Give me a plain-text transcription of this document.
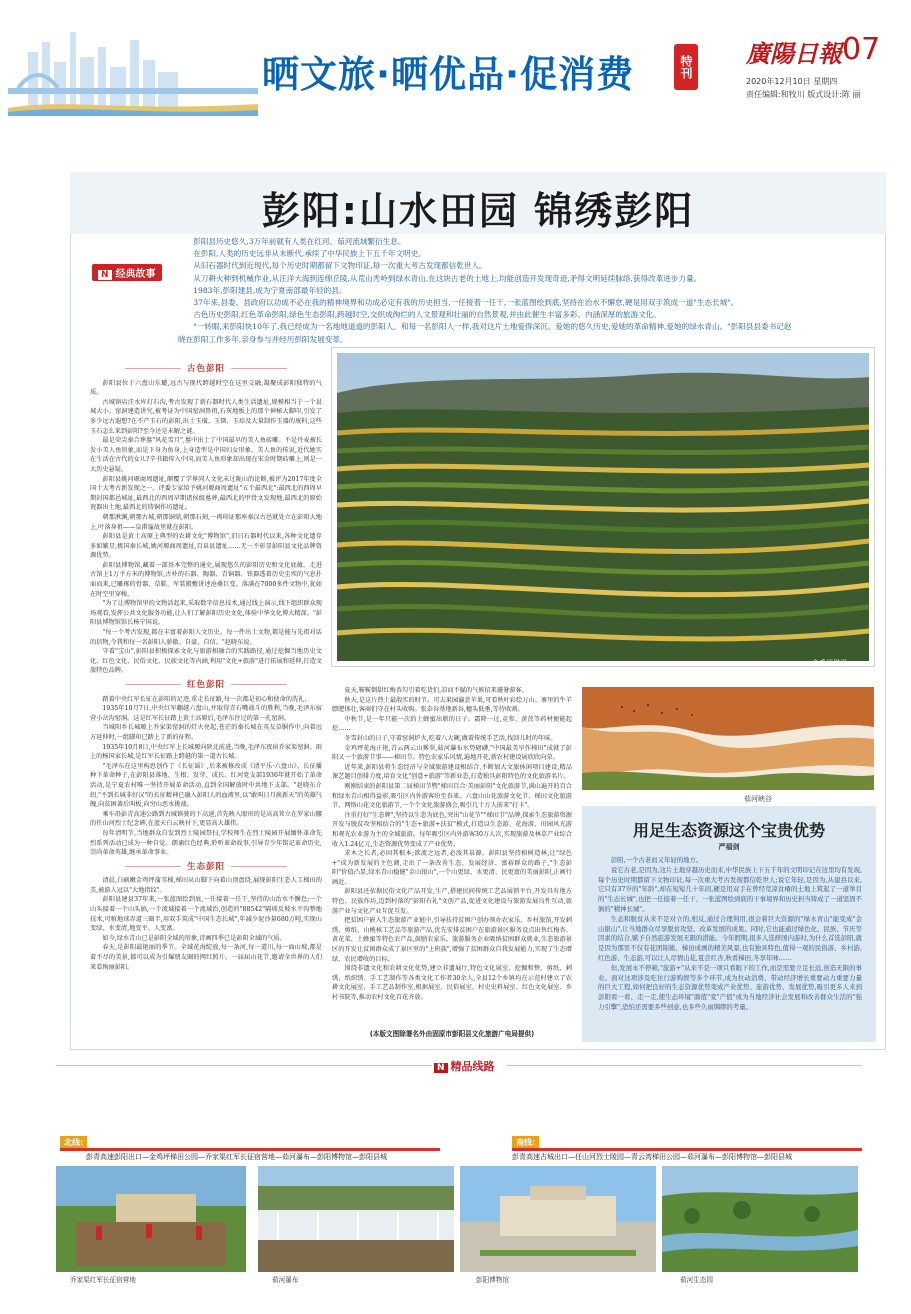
晒文旅·晒优品·促消费	特刊 廣陽日報 07
2020年12月10日 星期四
责任编辑:和牧川 版式设计:陈 丽
彭阳:山水田园 锦绣彭阳
N 经典故事

彭阳县历史悠久,3万年前就有人类在红河、茹河流域繁衍生息。

在彭阳,人类的历史远非从未断代,承续了中华民族上下五千年文明史。

从旧石器时代到近现代,每个历史时期都留下文物印证,每一次重大考古发现都信乾世人。

从刀耕火种到机械作业,从汪洋大海到连绵丘陵,从荒山秃岭到绿水青山,在这块古老的土地上,均能创造开发现奇迹,矛得文明延续脉络,获得改革进步力量。

1983年,彭阳建县,成为宁夏南部最年轻的县。

37年来,县委、县政府以功成不必在我的精神境界和功成必定有我的历史担当,一任接着一任干,一张蓝图绘到底,坚持在治水不懈怠,硬是用双手筑成一道"生态长城"。

古色历史彭阳,红色革命彭阳,绿色生态彭阳,跨越时空,交织成绚烂的人文景观和壮丽的自然景观,并由此催生丰富多彩、内涵深厚的旅游文化。

"一转眼,来彭阳快10年了,我已经成为一名地地道道的彭阳人。和每一名彭阳人一样,我对这片土地爱得深沉。爱她的悠久历史,爱她的革命精神,爱她的绿水青山。"彭阳县县委书记赵晓在彭阳工作多年,亲身参与并经历彭阳发展变革。

古色彭阳

彭阳县位于六盘山东麓,远古与现代跨越时空在这里交融,凝聚成彭阳独特的气质。

古城镇店洼水库打石沟,考古发现了新石器时代人类生活遗址,规模相当于一个县城大小。窑洞建造讲究,被考证为中国窑洞鼻祖,石灰地板上的那个神秘大脚印,引发了多少远古遐想?在不产玉石的彭阳,出土玉璜、玉锛、玉琮及大量制作玉器的废料,这些玉石怎么来到彭阳?至今还是未解之谜。

最是荣尖秦合葬墓"风花雪月",墓中出土了中国最早的美人鱼砖雕。不是丹麦被长发小美人鱼形象,而是下身为鱼身,上身造型是中国妇女形象。美人鱼的传说,近代她实在生活在古代的女儿?辛书籍传入中国,而美人鱼形象却出现在宋金时期砖雕上,则是一大历史悬疑。

彭阳县姚河塬商周遗址,颠覆了学界同人文化未过陇山的论断,被评为2017年度全国十大考古新发现之一。评委专家给予姚河塬商周遗址"五个最西北":最西北的西周早期封国都邑城址,最西北的西周早期诸侯级墓葬,最西北的甲骨文发现地,最西北的原始瓷器出土地,最西北的铸铜作坊遗址。

朝那湫渊,朝那古城,朝那铜鼎,朝那石刻,一再印证那座秦汉古邑就处立在彭阳大地上,叶落身祖——皇甫谧故里就在彭阳。

彭阳县是黄土高原上典型的农耕文化"博物馆",旧日石器时代以来,各种文化遗存多如繁星,极国秦长城,姚河塬商周遗址,百泉县遗址……无一不彰显彭阳县文化品牌资源优势。

彭阳县博物馆,藏着一部基本完整的通史,展现悠久的彭阳历史和文化底蕴。走进古馆上1万平方米的博物馆,古朴的石器、陶器、青铜器、铁器透着历史尘埃的气息扑面而来,已雕琢的骨器、草鞋、军装殿敷讲述沧桑巨变。落满在7000多件文物中,犹如在时空里穿梭。

"为了让博物馆里的文物活起来,采取数字信息技术,通过线上演示,线下组织群众现场观看,发挥公共文化服务功能,让人们了解彭阳历史文化,体验中华文化博大精深。"彭阳县博物馆馆长杨宁国说。

"每一个考古发现,都在丰富着彭阳人文历史。每一件出土文物,都是能与先祖对话的信物,令我和每一名彭阳人骄傲、自豪、自信。"赵晓东说。

守着"宝山",彭阳县积极探索文化与旅游相融合的实践路径,通过挖掘当地历史文化、红色文化、民俗文化、民族文化等内涵,利用"文化+旅游"进行拓展和延伸,打造文旅特色品牌。

红色彭阳

踏着中央红军长征在彭阳的足迹,重走长征路,每一次都是初心和使命的洗礼。

1935年10月7日,中央红军翻越六盘山,并取得青石嘴战斗的胜利,当晚,毛泽东宿营小岔沟窑洞。这是红军长征踏上黄土高原后,毛泽东住过的第一孔窑洞。

当城阳乡长城塬上乔家渠窑洞的灯火亮起,苍茫的秦长城在英友草胴作中,向着远方延伸时,一组脚印已踏上了新的征程。

1935年10月8日,中央红军上长城塬向陕北前进,当晚,毛泽东夜宿乔家渠窑洞。雨上的杨国家长城,是红军长征路上跨越的第一道古长城。

"毛泽东在这里构思创作了《长征谣》,后来被修改成《清平乐·六盘山》。长征播种下革命种子,在彭阳县落地、生根、发芽、成长。红河党支部1936年就开始了革命活动,是宁夏农村唯一坚持开展革命活动,直到全国解放时中共地下支部。"赵晓东介绍,"不到长城非好汉"的长征精神已融入彭阳人的血液里,以"敢叫日月换新天"的英雄气魄,向贫困著后叫板,向穷山恶水挑战。

乘车沿彭青高速公路到古城镇驶的下高速,首先映入眼帘的是高高耸立在罗家山腰的任山河烈士纪念碑,在蓝天白云映衬下,更显高大雄伟。

每年清明节,当地群众自发到烈士陵园祭扫,学校师生在烈士陵园开展缅怀革命先烈系列活动已成为一种自觉。朗诵红色经典,聆听革命故事,引导青少年铭记革命历史,崇尚革命英雄,继承革命事业。

生态彭阳

清晨,白刷嫩金鸡坪蒲苇梯,梯田从山脚下向着山顶盘绕,展现彭阳生态人工梯田的美,被游人冠以"大地指纹"。

彭阳县建县37年来,一张蓝图绘到底,一任接着一任干,坚持的山治水不懈怠;一个山头接着一个山头搞,一个流域接着一个流域治,创造的"88542"隔坡反坡水平沟整地技术,可植地球赤道三圈半,用双手筑成"中国生态长城",年减少泥沙量680万吨,实现山变绿、水变清,地变平、人变富。

如今,绿水青山已是彭阳全域的形象,诗画四季已是彭阳全域的气质。

春天,是彭阳最艳丽的季节。全域花海绽放,每一条河,每一道川,每一面山坡,都是着不尽的美景,都可以成为引爆朋友圈的网红照片。一届届山花节,邀请全世界的人们来看绚丽彭阳。

金鸡坪梯田

夏天,鞍鞍倒甜红梅杏勾引着吃货们,凉而不腻的气候招来避暑游客。

秋天,是这片热土最殷实的时节。可去果园瀛尝苹果,可看秋叶彩绘万山。寨里的牛羊膘肥体壮,客商们守在村头收购。张杂谷基地新谷,穗头低垂,等待收割。

中秋节,是一年只能一次的土蜂蜜出瓶的日子。霜降一过,竞参、黄芪等药材便能起挖……

冬雪封山的日子,守着窑洞炉火,吃着八大碗,做着传统手艺活,找回儿时的年味。

金鸡坪花海正艳,青云两云山雾翠,茹河瀑布水势磅礴,"中国最美旱作梯田"成就了彭阳又一个旅游节事——梯田节。特色农家乐风情,遍地开花,新农村建设展欣欣向荣。

近年来,彭阳县将生态经济与全域旅游建设相结合,不断加大文旅休闲项目建设,精品课艺题目创排力度,培育文化"创意+旅游"等新业态,打造独具彭阳特色的文化旅游名片。

刚刚结束的彭阳县第二届梯田节暨"梯田百合·美丽彭阳"文化旅游节,满山遍开的百合和绿水青山相得益彰,吸引区内外游客纷至沓来。六盘山山花旅游文化节、梯田文化旅游节、网络山花文化旅游节,一个个文化旅游盛会,吸引几十万人前来"打卡"。

注重打好"生态牌",坚持以生态为底色,突出"山花节""梯田节"品牌,探索生态旅游资源开发与脱贫攻坚相结合的"生态+旅游+扶贫"模式,打造以生态游、花海游、田园风光游和观光农业游为主的全域旅游。每年吸引区内外游客30万人次,实现旅游及林草产业综合收入1.24亿元,生态资源优势变成了产业优势。

求木之长者,必固其根本;欲流之远者,必浚其泉源。彭阳县坚持植树造林,让"绿色+"成为新发展的主色调,走出了一条改善生态、发展经济、富裕群众的路子,"生态彭阳"价值凸显,绿水青山稳健"金山银山",一个山更绿、水更清、民更富的美丽彭阳,正画行画近。

彭阳县还依据民俗文化产品开发,生产,搭建民间传统工艺品展销平台,开发具有地方特色、民族作坊,迈到村落的"彭阳有礼"文创产品,促进文化建设与旅游发展良性互动,旅游产业与文化产业互促互发。

把贫困户嵌入生态旅游产业链中,引导扶持贫困户创办领办农家乐、乡村旅馆,开发刺绣、剪纸、山桃核工艺品等旅游产品,优先安排贫困户在旅游景区服务设点出售红梅杏、黄花菜、土蜂蜜等特色农产品,鼓励农家乐、旅游服务企业吸纳贫困群众就业,生态旅游景区的开发让贫困群众成了景区里的"上班族",增强了贫困群众自我发展能力,实现了生态增绿、农民增收的目标。

围绕非遗文化和农耕文化优势,建立非遗展厅,特色文化展室、挖掘和整、剪纸、刺绣、纸织绣、手工艺制作等各类文化工作者30余人,全县12个乡镇均在示范村建立了农耕文化展室、手工艺品制作室,根据展室、民俗展室、村史史料展室、红色文化展室、乡村书院等,推动农村文化百花齐放。

(本版文图除署名外由固原市彭阳县文化旅游广电局提供)
茹河峡谷
用足生态资源这个宝贵优势
严福剑

彭阳,一个古老而又年轻的地方。

说它古老,是因为,这片土地穿越历史而来,中华民族上下五千年的文明印记在这里均有发现,每个历史时期都留下文物印证,每一次重大考古发现都信乾世人;说它年轻,是因为,从建县以来,它只有37岁的"年龄",却在短短几十年间,硬是用双手在曾经荒凉贫瘠的土地上筑起了一道举目的"生态长城",也把一任接着一任干、一张蓝图绘到底的干事境界和历史担当铸成了一道坚固不倒的"精神长城"。

生态和脱贫从来不是对立的,相反,通过合理利用,很会着巨大资源的"绿水青山"能变成"金山银山",让当地群众尽享脱贫攻坚、改革发展的成果。同时,它也能通过绿色化、民族、节庆等因素的结合,赋予自然旅游发展无限的潜能。今年假期,很多人选择国内游时,为什么首选彭阳,就是因为那里不仅有花团锦簇、梯田成画的精美风景,也有独具特色,值得一观的民俗游、乡村游,红色游、生态游,可以让人尽情山花,夏尝红杏,秋看梯田,冬享年味……

但,发展永不停顿,"旅游+"从来不是一项只看眼下的工作,而是需要立足长远,创造无限的事业。面对这项涉及吃住行游购娱等多个环节,成为拉动消费、带动经济增长重要动力重要力量的巨大工程,如何把良好的生态资源优势变成产业优势、旅游优势、发展优势,吸引更多人来到彭阳看一看、走一走,使生态环境"颜值"变"产值"成为当地经济社会发展和改善群众生活的"强力引擎",恐怕还需要多些创意,也多些久雨绸缪的考量。

N 精品线路
北线:
彭青高速彭阳出口—金鸡坪梯田公园—乔家渠红军长征宿营地—茹河瀑布—彭阳博物馆—彭阳县城
南线:
彭青高速古城出口—任山河烈士陵园—青云湾梯田公园—茹河瀑布—彭阳博物馆—彭阳县城
乔家渠红军长征宿营地	茹河瀑布	彭阳博物馆	茹河生态园
